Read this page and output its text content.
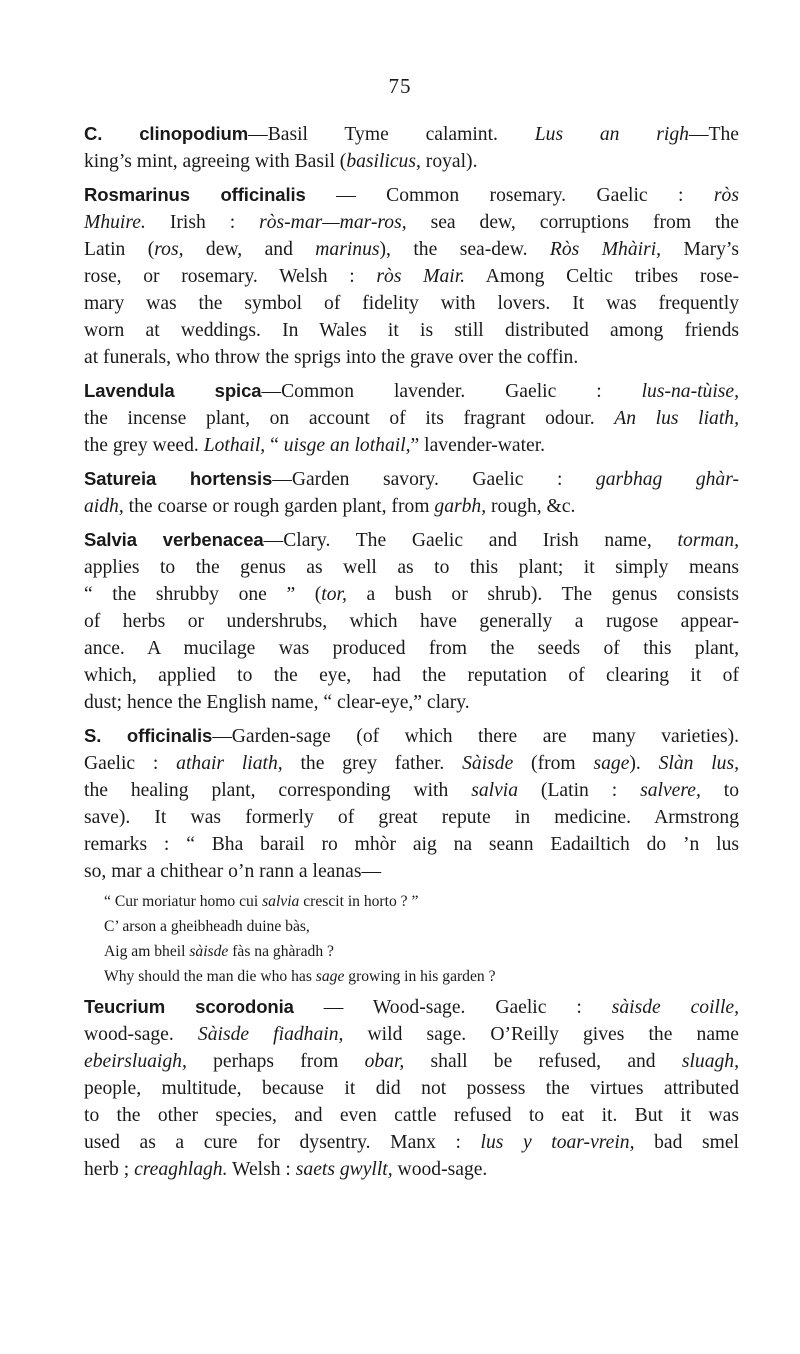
75

C. clinopodium—Basil Tyme calamint. Lus an righ—The
king’s mint, agreeing with Basil (basilicus, royal).

Rosmarinus officinalis — Common rosemary. Gaelic : ròs
Mhuire. Irish : ròs-mar—mar-ros, sea dew, corruptions from the
Latin (ros, dew, and marinus), the sea-dew. Ròs Mhàiri, Mary’s
rose, or rosemary. Welsh : ròs Mair. Among Celtic tribes rose-
mary was the symbol of fidelity with lovers. It was frequently
worn at weddings. In Wales it is still distributed among friends
at funerals, who throw the sprigs into the grave over the coffin.

Lavendula spica—Common lavender. Gaelic : lus-na-tùise,
the incense plant, on account of its fragrant odour. An lus liath,
the grey weed. Lothail, “ uisge an lothail,” lavender-water.

Satureia hortensis—Garden savory. Gaelic : garbhag ghàr-
aidh, the coarse or rough garden plant, from garbh, rough, &c.

Salvia verbenacea—Clary. The Gaelic and Irish name, torman,
applies to the genus as well as to this plant; it simply means
“ the shrubby one ” (tor, a bush or shrub). The genus consists
of herbs or undershrubs, which have generally a rugose appear-
ance. A mucilage was produced from the seeds of this plant,
which, applied to the eye, had the reputation of clearing it of
dust; hence the English name, “ clear-eye,” clary.

S. officinalis—Garden-sage (of which there are many varieties).
Gaelic : athair liath, the grey father. Sàisde (from sage). Slàn lus,
the healing plant, corresponding with salvia (Latin : salvere, to
save). It was formerly of great repute in medicine. Armstrong
remarks : “ Bha barail ro mhòr aig na seann Eadailtich do ’n lus
so, mar a chithear o’n rann a leanas—

“ Cur moriatur homo cui salvia crescit in horto ? ”
C’ arson a gheibheadh duine bàs,
Aig am bheil sàisde fàs na ghàradh ?
Why should the man die who has sage growing in his garden ?

Teucrium scorodonia — Wood-sage. Gaelic : sàisde coille,
wood-sage. Sàisde fiadhain, wild sage. O’Reilly gives the name
ebeirsluaigh, perhaps from obar, shall be refused, and sluagh,
people, multitude, because it did not possess the virtues attributed
to the other species, and even cattle refused to eat it. But it was
used as a cure for dysentry. Manx : lus y toar-vrein, bad smel
herb ; creaghlagh. Welsh : saets gwyllt, wood-sage.
